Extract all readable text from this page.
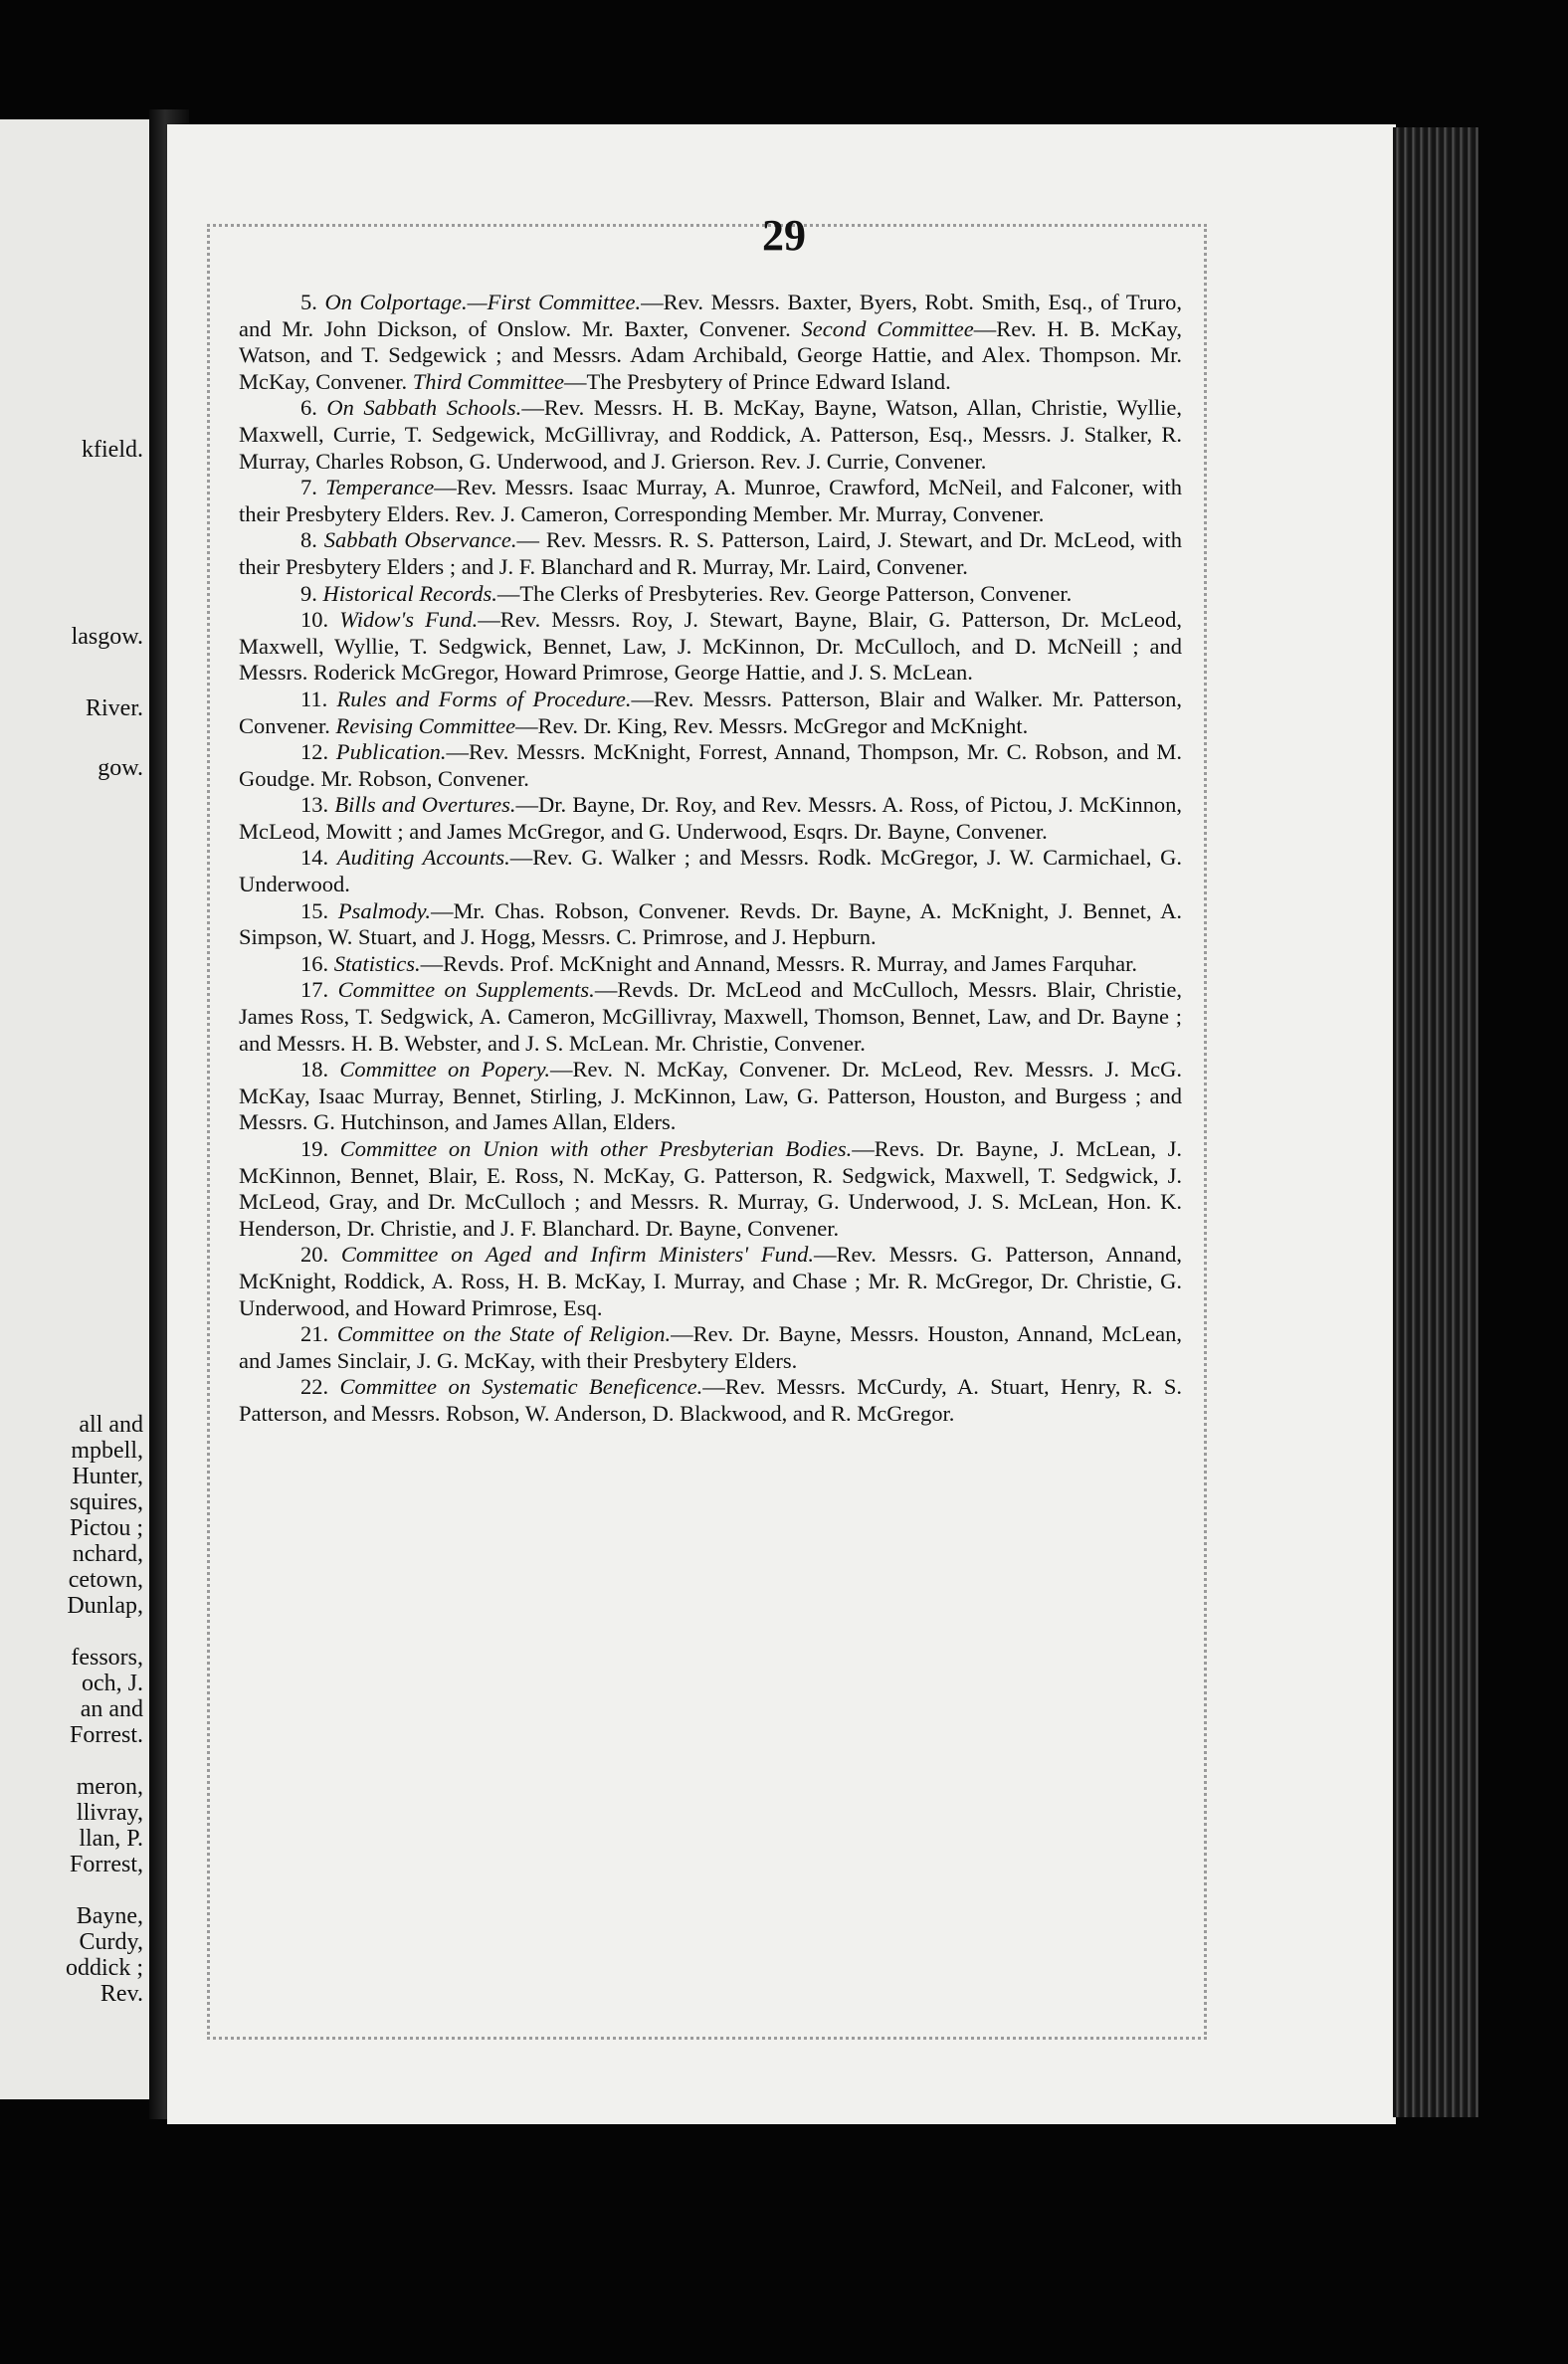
kfield.
lasgow.
River.
gow.
all and
mpbell,
Hunter,
squires,
Pictou ;
nchard,
cetown,
Dunlap,
fessors,
och, J.
an and
Forrest.
meron,
llivray,
llan, P.
Forrest,
Bayne,
Curdy,
oddick ;
Rev.
29

5. On Colportage.—First Committee.—Rev. Messrs. Baxter, Byers, Robt. Smith, Esq., of Truro, and Mr. John Dickson, of Onslow. Mr. Baxter, Convener. Second Committee—Rev. H. B. McKay, Watson, and T. Sedgewick ; and Messrs. Adam Archibald, George Hattie, and Alex. Thompson. Mr. McKay, Convener. Third Committee—The Presbytery of Prince Edward Island.

6. On Sabbath Schools.—Rev. Messrs. H. B. McKay, Bayne, Watson, Allan, Christie, Wyllie, Maxwell, Currie, T. Sedgewick, McGillivray, and Roddick, A. Patterson, Esq., Messrs. J. Stalker, R. Murray, Charles Robson, G. Underwood, and J. Grierson. Rev. J. Currie, Convener.

7. Temperance—Rev. Messrs. Isaac Murray, A. Munroe, Crawford, McNeil, and Falconer, with their Presbytery Elders. Rev. J. Cameron, Corresponding Member. Mr. Murray, Convener.

8. Sabbath Observance.— Rev. Messrs. R. S. Patterson, Laird, J. Stewart, and Dr. McLeod, with their Presbytery Elders ; and J. F. Blanchard and R. Murray, Mr. Laird, Convener.

9. Historical Records.—The Clerks of Presbyteries. Rev. George Patterson, Convener.

10. Widow's Fund.—Rev. Messrs. Roy, J. Stewart, Bayne, Blair, G. Patterson, Dr. McLeod, Maxwell, Wyllie, T. Sedgwick, Bennet, Law, J. McKinnon, Dr. McCulloch, and D. McNeill ; and Messrs. Roderick McGregor, Howard Primrose, George Hattie, and J. S. McLean.

11. Rules and Forms of Procedure.—Rev. Messrs. Patterson, Blair and Walker. Mr. Patterson, Convener. Revising Committee—Rev. Dr. King, Rev. Messrs. McGregor and McKnight.

12. Publication.—Rev. Messrs. McKnight, Forrest, Annand, Thompson, Mr. C. Robson, and M. Goudge. Mr. Robson, Convener.

13. Bills and Overtures.—Dr. Bayne, Dr. Roy, and Rev. Messrs. A. Ross, of Pictou, J. McKinnon, McLeod, Mowitt ; and James McGregor, and G. Underwood, Esqrs. Dr. Bayne, Convener.

14. Auditing Accounts.—Rev. G. Walker ; and Messrs. Rodk. McGregor, J. W. Carmichael, G. Underwood.

15. Psalmody.—Mr. Chas. Robson, Convener. Revds. Dr. Bayne, A. McKnight, J. Bennet, A. Simpson, W. Stuart, and J. Hogg, Messrs. C. Primrose, and J. Hepburn.

16. Statistics.—Revds. Prof. McKnight and Annand, Messrs. R. Murray, and James Farquhar.

17. Committee on Supplements.—Revds. Dr. McLeod and McCulloch, Messrs. Blair, Christie, James Ross, T. Sedgwick, A. Cameron, McGillivray, Maxwell, Thomson, Bennet, Law, and Dr. Bayne ; and Messrs. H. B. Webster, and J. S. McLean. Mr. Christie, Convener.

18. Committee on Popery.—Rev. N. McKay, Convener. Dr. McLeod, Rev. Messrs. J. McG. McKay, Isaac Murray, Bennet, Stirling, J. McKinnon, Law, G. Patterson, Houston, and Burgess ; and Messrs. G. Hutchinson, and James Allan, Elders.

19. Committee on Union with other Presbyterian Bodies.—Revs. Dr. Bayne, J. McLean, J. McKinnon, Bennet, Blair, E. Ross, N. McKay, G. Patterson, R. Sedgwick, Maxwell, T. Sedgwick, J. McLeod, Gray, and Dr. McCulloch ; and Messrs. R. Murray, G. Underwood, J. S. McLean, Hon. K. Henderson, Dr. Christie, and J. F. Blanchard. Dr. Bayne, Convener.

20. Committee on Aged and Infirm Ministers' Fund.—Rev. Messrs. G. Patterson, Annand, McKnight, Roddick, A. Ross, H. B. McKay, I. Murray, and Chase ; Mr. R. McGregor, Dr. Christie, G. Underwood, and Howard Primrose, Esq.

21. Committee on the State of Religion.—Rev. Dr. Bayne, Messrs. Houston, Annand, McLean, and James Sinclair, J. G. McKay, with their Presbytery Elders.

22. Committee on Systematic Beneficence.—Rev. Messrs. McCurdy, A. Stuart, Henry, R. S. Patterson, and Messrs. Robson, W. Anderson, D. Blackwood, and R. McGregor.
